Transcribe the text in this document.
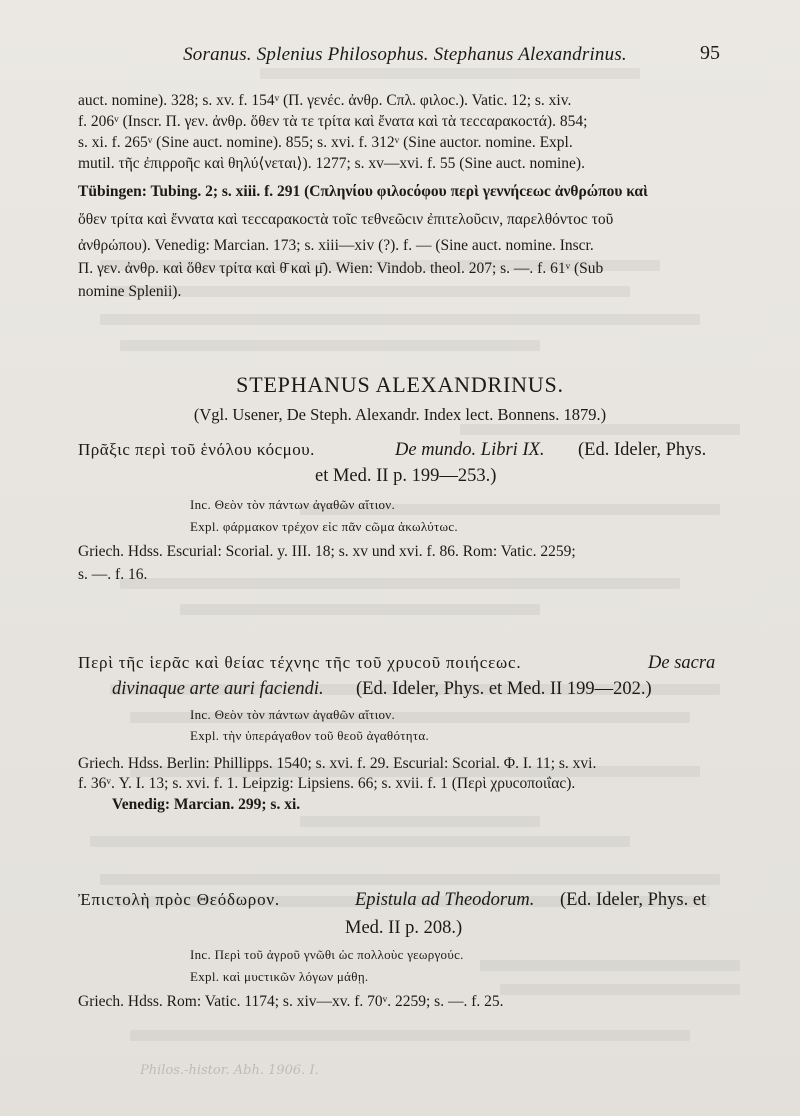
Soranus. Splenius Philosophus. Stephanus Alexandrinus.	95
auct. nomine). 328; s. xv. f. 154ᵛ (Π. γενέc. ἀνθρ. Cπλ. φιλοc.). Vatic. 12; s. xiv.
f. 206ᵛ (Inscr. Π. γεν. ἀνθρ. ὅθεν τὰ τε τρίτα καὶ ἔνατα καὶ τὰ τεccαρακοcτά). 854;
s. xi. f. 265ᵛ (Sine auct. nomine). 855; s. xvi. f. 312ᵛ (Sine auctor. nomine. Expl.
mutil. τῆc ἐπιρροῆc καὶ θηλύ⟨νεται⟩). 1277; s. xv—xvi. f. 55 (Sine auct. nomine).
Tübingen: Tubing. 2; s. xiii. f. 291 (Cπληνίου φιλοcόφου περὶ γεννήcεωc ἀνθρώπου καὶ
ὅθεν τρίτα καὶ ἔννατα καὶ τεccαρακοcτὰ τοῖc τεθνεῶcιν ἐπιτελοῦcιν, παρελθόντοc τοῦ
ἀνθρώπου). Venedig: Marcian. 173; s. xiii—xiv (?). f. — (Sine auct. nomine. Inscr.
Π. γεν. ἀνθρ. καὶ ὅθεν τρίτα καὶ θ̄ καὶ μ̄). Wien: Vindob. theol. 207; s. —. f. 61ᵛ (Sub
nomine Splenii).
STEPHANUS ALEXANDRINUS.
(Vgl. Usener, De Steph. Alexandr. Index lect. Bonnens. 1879.)
Πρᾶξιc περὶ τοῦ ἑνόλου κόcμου.	De mundo. Libri IX. (Ed. Ideler, Phys.
et Med. II p. 199—253.)
Inc. Θεὸν τὸν πάντων ἀγαθῶν αἴτιον.
Expl. φάρμακον τρέχον εἰc πᾶν cῶμα ἀκωλύτωc.
Griech. Hdss. Escurial: Scorial. y. III. 18; s. xv und xvi. f. 86. Rom: Vatic. 2259;
s. —. f. 16.
Περὶ τῆc ἱερᾶc καὶ θείαc τέχνηc τῆc τοῦ χρυcοῦ ποιήcεωc.	De sacra
divinaque arte auri faciendi. (Ed. Ideler, Phys. et Med. II 199—202.)
Inc. Θεὸν τὸν πάντων ἀγαθῶν αἴτιον.
Expl. τὴν ὑπεράγαθον τοῦ θεοῦ ἀγαθότητα.
Griech. Hdss. Berlin: Phillipps. 1540; s. xvi. f. 29. Escurial: Scorial. Φ. I. 11; s. xvi.
f. 36ᵛ. Υ. I. 13; s. xvi. f. 1. Leipzig: Lipsiens. 66; s. xvii. f. 1 (Περὶ χρυcοποιΐαc).
Venedig: Marcian. 299; s. xi.
Ἐπιcτολὴ πρὸc Θεόδωρον.	Epistula ad Theodorum. (Ed. Ideler, Phys. et
Med. II p. 208.)
Inc. Περὶ τοῦ ἀγροῦ γνῶθι ὡc πολλοὺc γεωργούc.
Expl. καὶ μυcτικῶν λόγων μάθῃ.
Griech. Hdss. Rom: Vatic. 1174; s. xiv—xv. f. 70ᵛ. 2259; s. —. f. 25.
Philos.-histor. Abh. 1906. I.
